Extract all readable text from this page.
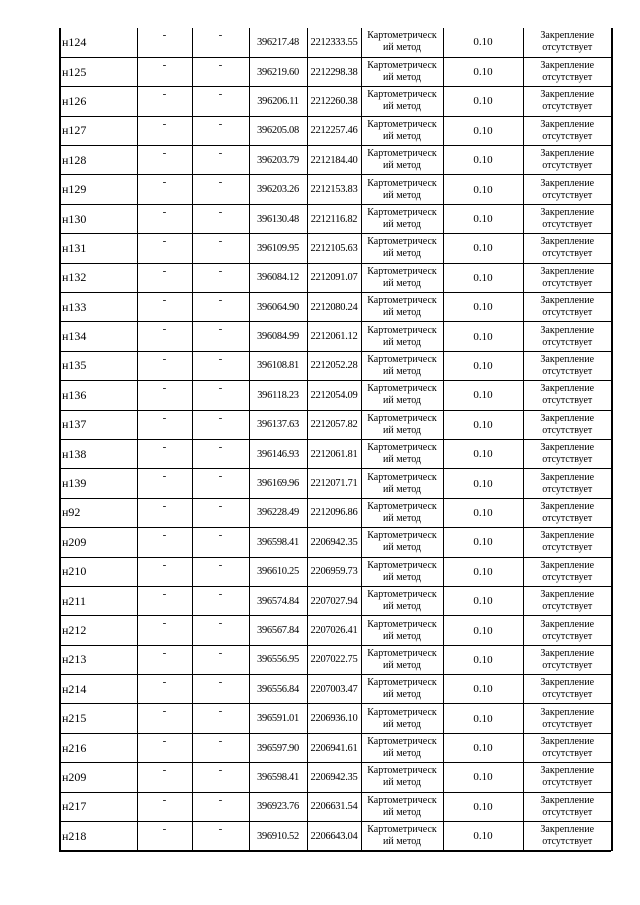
н124	-	-	396217.48	2212333.55	Картометрическ ий метод	0.10	Закрепление отсутствует
н125	-	-	396219.60	2212298.38	Картометрическ ий метод	0.10	Закрепление отсутствует
н126	-	-	396206.11	2212260.38	Картометрическ ий метод	0.10	Закрепление отсутствует
н127	-	-	396205.08	2212257.46	Картометрическ ий метод	0.10	Закрепление отсутствует
н128	-	-	396203.79	2212184.40	Картометрическ ий метод	0.10	Закрепление отсутствует
н129	-	-	396203.26	2212153.83	Картометрическ ий метод	0.10	Закрепление отсутствует
н130	-	-	396130.48	2212116.82	Картометрическ ий метод	0.10	Закрепление отсутствует
н131	-	-	396109.95	2212105.63	Картометрическ ий метод	0.10	Закрепление отсутствует
н132	-	-	396084.12	2212091.07	Картометрическ ий метод	0.10	Закрепление отсутствует
н133	-	-	396064.90	2212080.24	Картометрическ ий метод	0.10	Закрепление отсутствует
н134	-	-	396084.99	2212061.12	Картометрическ ий метод	0.10	Закрепление отсутствует
н135	-	-	396108.81	2212052.28	Картометрическ ий метод	0.10	Закрепление отсутствует
н136	-	-	396118.23	2212054.09	Картометрическ ий метод	0.10	Закрепление отсутствует
н137	-	-	396137.63	2212057.82	Картометрическ ий метод	0.10	Закрепление отсутствует
н138	-	-	396146.93	2212061.81	Картометрическ ий метод	0.10	Закрепление отсутствует
н139	-	-	396169.96	2212071.71	Картометрическ ий метод	0.10	Закрепление отсутствует
н92	-	-	396228.49	2212096.86	Картометрическ ий метод	0.10	Закрепление отсутствует
н209	-	-	396598.41	2206942.35	Картометрическ ий метод	0.10	Закрепление отсутствует
н210	-	-	396610.25	2206959.73	Картометрическ ий метод	0.10	Закрепление отсутствует
н211	-	-	396574.84	2207027.94	Картометрическ ий метод	0.10	Закрепление отсутствует
н212	-	-	396567.84	2207026.41	Картометрическ ий метод	0.10	Закрепление отсутствует
н213	-	-	396556.95	2207022.75	Картометрическ ий метод	0.10	Закрепление отсутствует
н214	-	-	396556.84	2207003.47	Картометрическ ий метод	0.10	Закрепление отсутствует
н215	-	-	396591.01	2206936.10	Картометрическ ий метод	0.10	Закрепление отсутствует
н216	-	-	396597.90	2206941.61	Картометрическ ий метод	0.10	Закрепление отсутствует
н209	-	-	396598.41	2206942.35	Картометрическ ий метод	0.10	Закрепление отсутствует
н217	-	-	396923.76	2206631.54	Картометрическ ий метод	0.10	Закрепление отсутствует
н218	-	-	396910.52	2206643.04	Картометрическ ий метод	0.10	Закрепление отсутствует
